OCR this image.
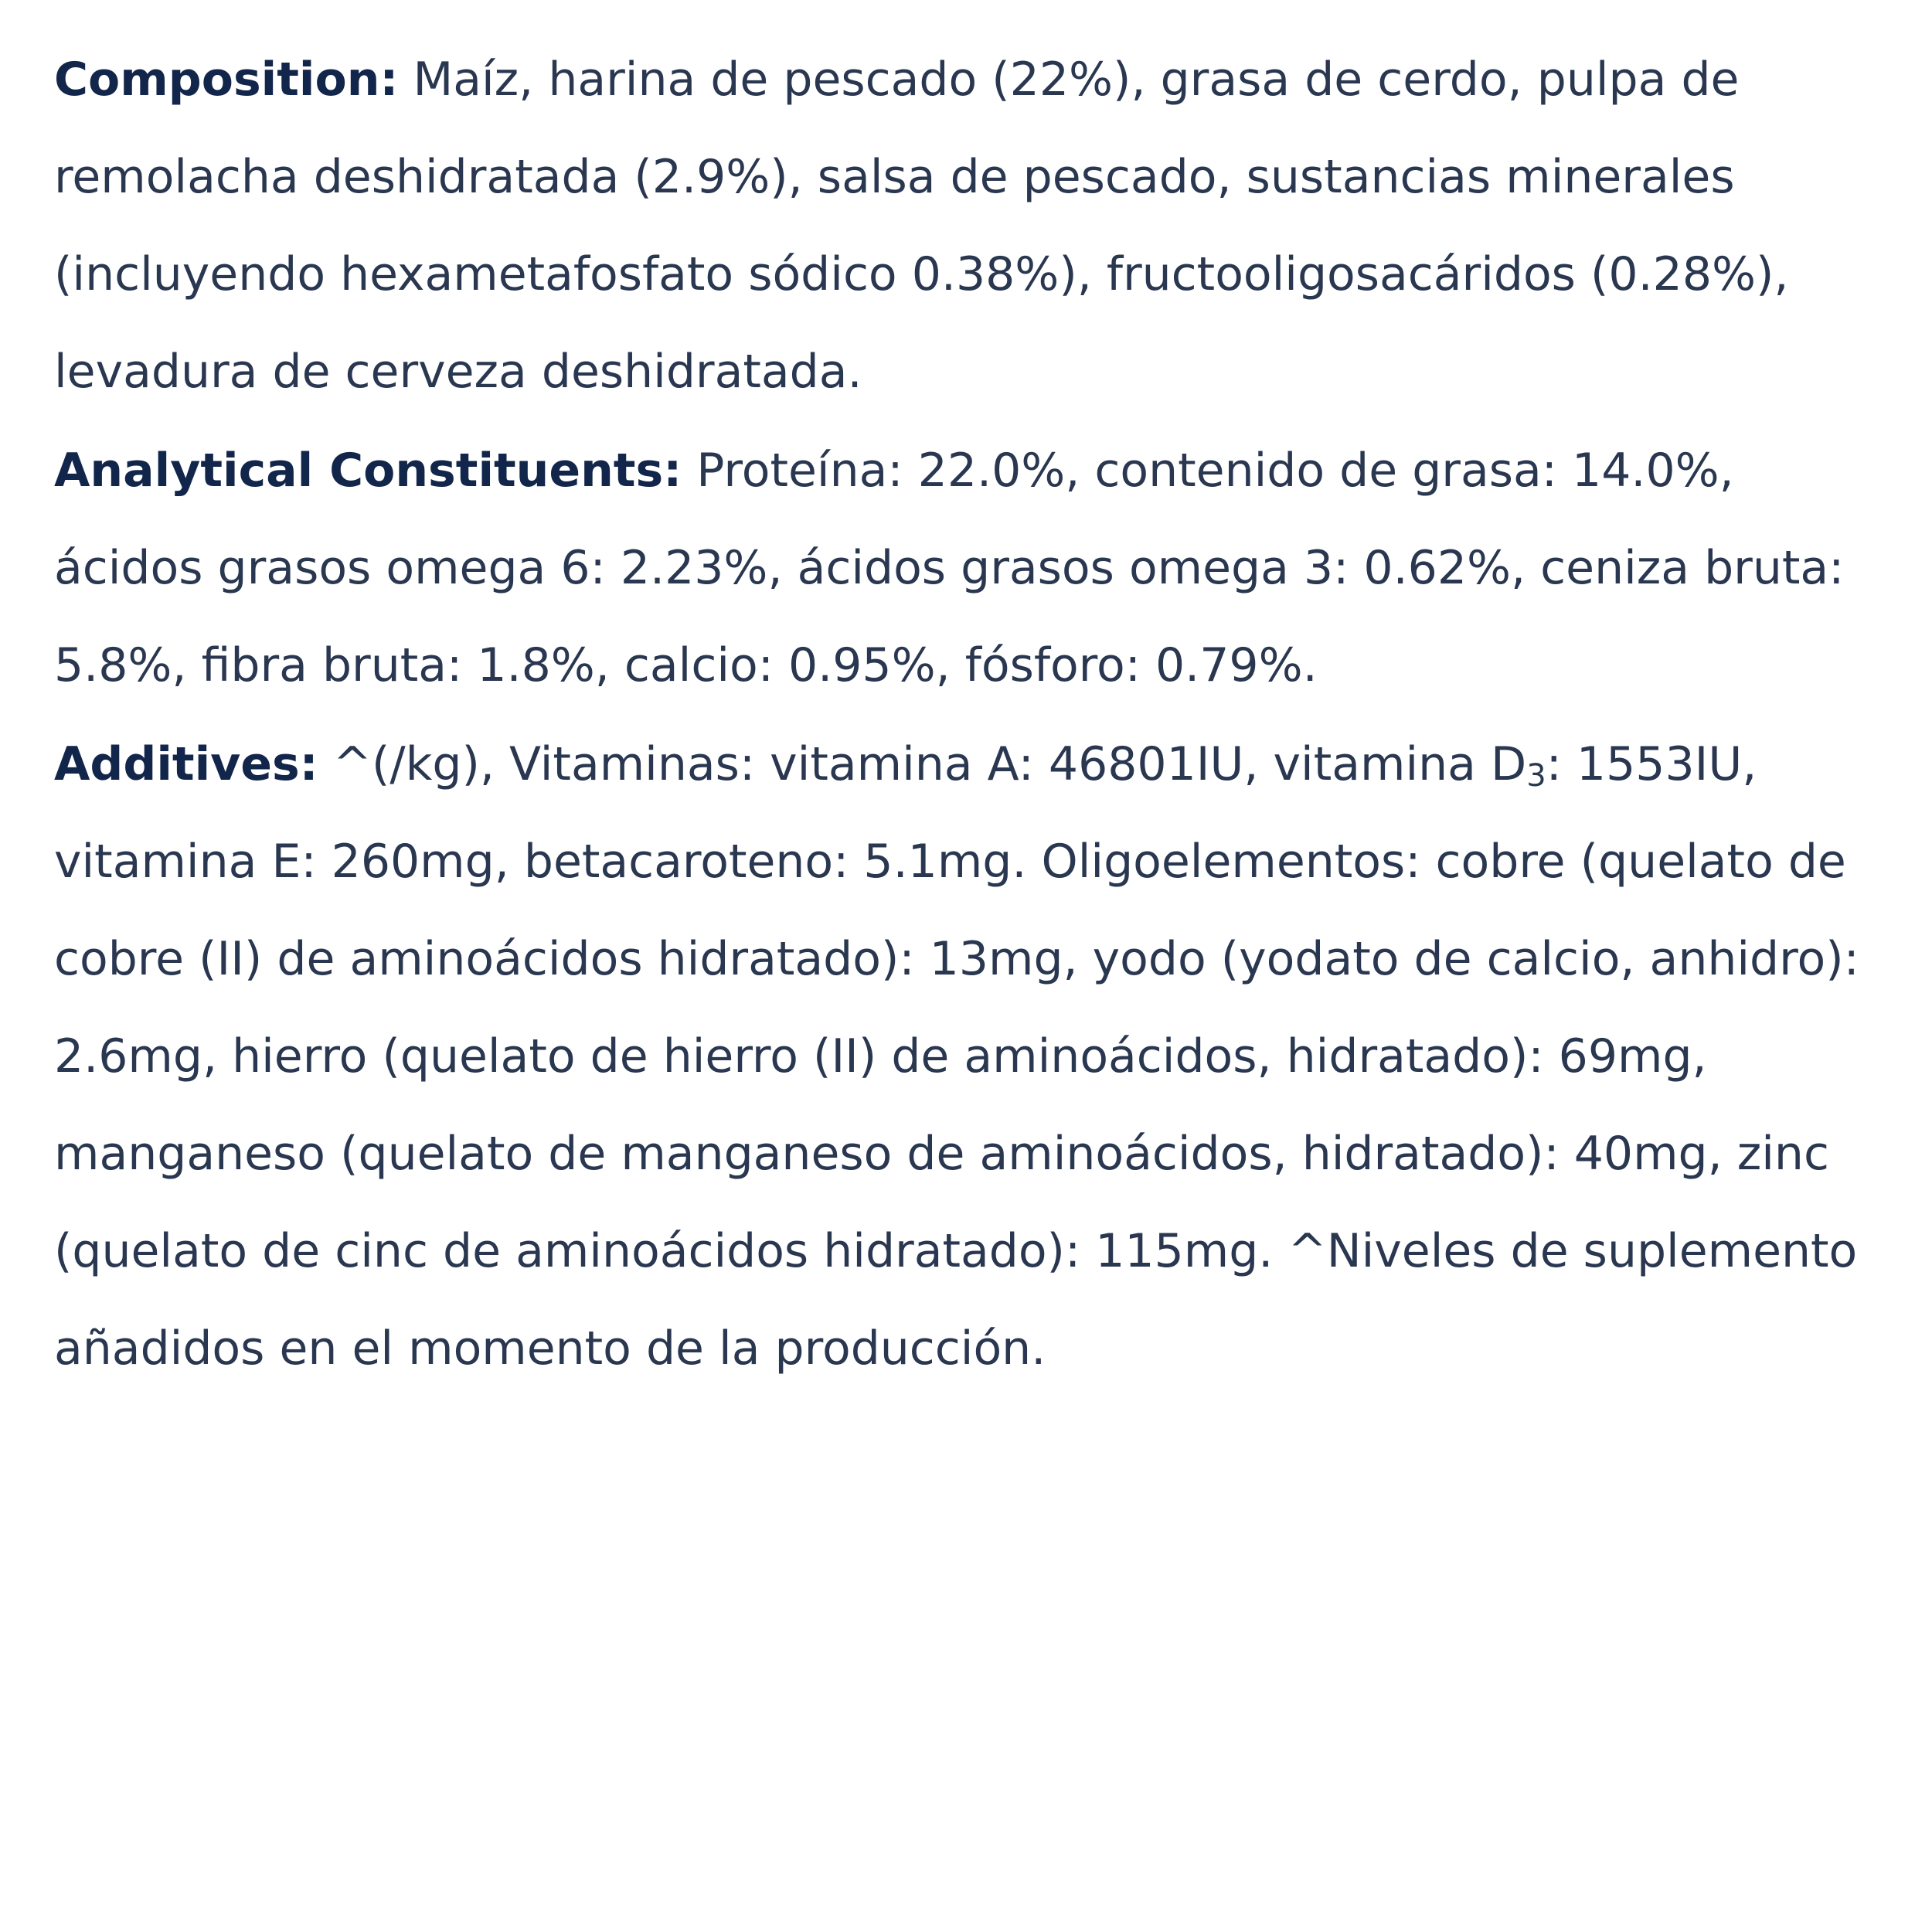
Composition: Maíz, harina de pescado (22%), grasa de cerdo, pulpa de remolacha deshidratada (2.9%), salsa de pescado, sustancias minerales (incluyendo hexametafosfato sódico 0.38%), fructooligosacáridos (0.28%), levadura de cerveza deshidratada.

Analytical Constituents: Proteína: 22.0%, contenido de grasa: 14.0%, ácidos grasos omega 6: 2.23%, ácidos grasos omega 3: 0.62%, ceniza bruta: 5.8%, fibra bruta: 1.8%, calcio: 0.95%, fósforo: 0.79%.

Additives: ^(/kg), Vitaminas: vitamina A: 46801IU, vitamina $D_3$: 1553IU, vitamina E: 260mg, betacaroteno: 5.1mg. Oligoelementos: cobre (quelato de cobre (II) de aminoácidos hidratado): 13mg, yodo (yodato de calcio, anhidro): 2.6mg, hierro (quelato de hierro (II) de aminoácidos, hidratado): 69mg, manganeso (quelato de manganeso de aminoácidos, hidratado): 40mg, zinc (quelato de cinc de aminoácidos hidratado): 115mg. ^Niveles de suplemento añadidos en el momento de la producción.
